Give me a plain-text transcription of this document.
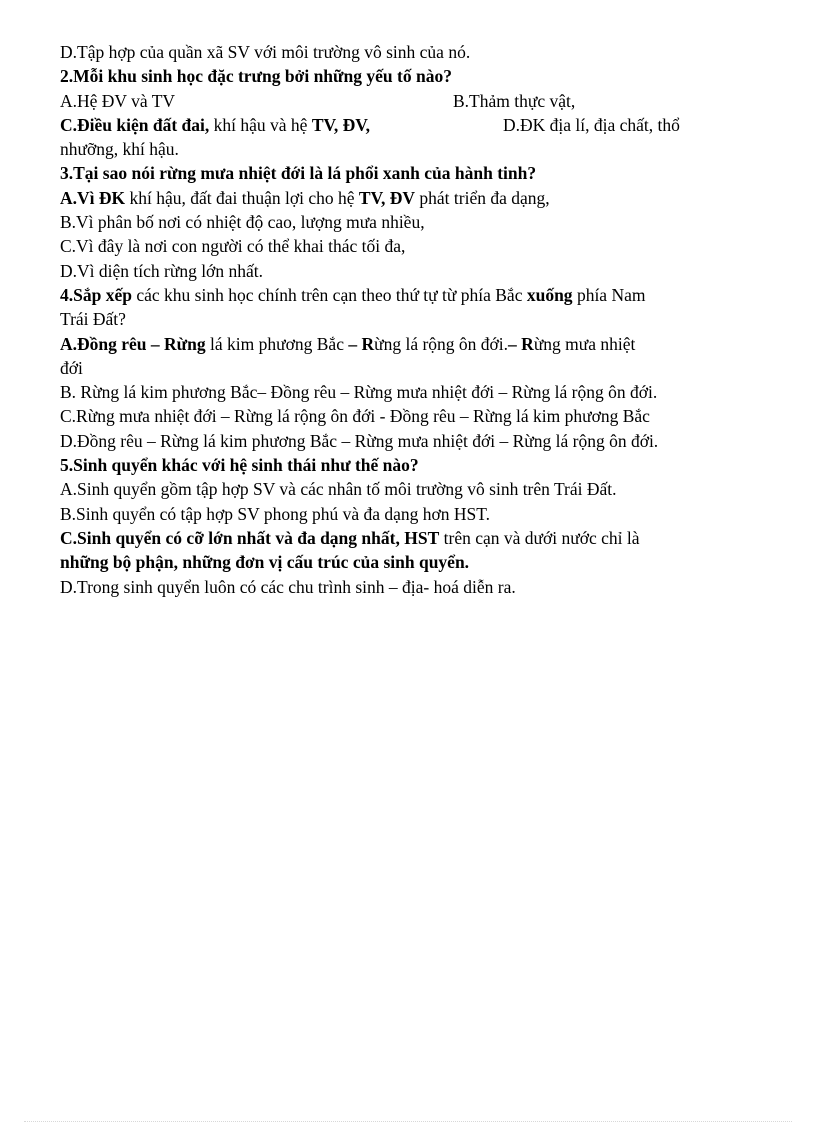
D.Tập hợp của quần xã SV với môi trường vô sinh của nó.
2.Mỗi khu sinh học đặc trưng bởi những yếu tố nào?
A.Hệ ĐV và TV	B.Thảm thực vật,
C.Điều kiện đất đai, khí hậu và hệ TV, ĐV,	D.ĐK địa lí, địa chất, thổ
nhưỡng, khí hậu.
3.Tại sao nói rừng mưa nhiệt đới là lá phổi xanh của hành tinh?
A.Vì ĐK khí hậu, đất đai thuận lợi cho hệ TV, ĐV phát triển đa dạng,
B.Vì phân bố nơi có nhiệt độ cao, lượng mưa nhiều,
C.Vì đây là nơi con người có thể khai thác tối đa,
D.Vì diện tích rừng lớn nhất.
4.Sắp xếp các khu sinh học chính trên cạn theo thứ tự từ phía Bắc xuống phía Nam
Trái Đất?
A.Đồng rêu – Rừng lá kim phương Bắc – Rừng lá rộng ôn đới.– Rừng mưa nhiệt
đới
B. Rừng lá kim phương Bắc– Đồng rêu – Rừng mưa nhiệt đới – Rừng lá rộng ôn đới.
C.Rừng mưa nhiệt đới – Rừng lá rộng ôn đới - Đồng rêu – Rừng lá kim phương Bắc
D.Đồng rêu – Rừng lá kim phương Bắc – Rừng mưa nhiệt đới – Rừng lá rộng ôn đới.
5.Sinh quyển khác với hệ sinh thái như thế nào?
A.Sinh quyển gồm tập hợp SV và các nhân tố môi trường vô sinh trên Trái Đất.
B.Sinh quyển có tập hợp SV phong phú và đa dạng hơn HST.
C.Sinh quyển có cỡ lớn nhất và đa dạng nhất, HST trên cạn và dưới nước chỉ là
những bộ phận, những đơn vị cấu trúc của sinh quyển.
D.Trong sinh quyển luôn có các chu trình sinh – địa- hoá diễn ra.
